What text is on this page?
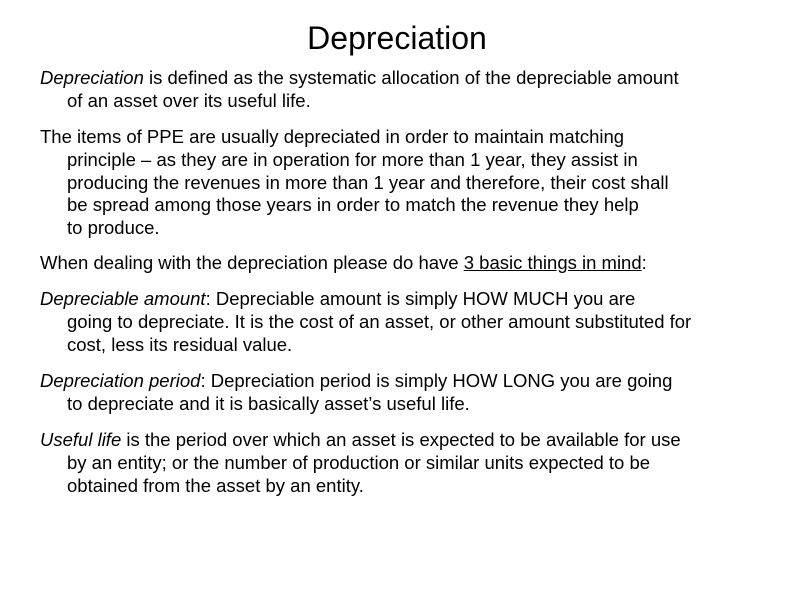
Depreciation
Depreciation is defined as the systematic allocation of the depreciable amount
of an asset over its useful life.
The items of PPE are usually depreciated in order to maintain matching
principle – as they are in operation for more than 1 year, they assist in
producing the revenues in more than 1 year and therefore, their cost shall
be spread among those years in order to match the revenue they help
to produce.
When dealing with the depreciation please do have 3 basic things in mind:
Depreciable amount: Depreciable amount is simply HOW MUCH you are
going to depreciate. It is the cost of an asset, or other amount substituted for
cost, less its residual value.
Depreciation period: Depreciation period is simply HOW LONG you are going
to depreciate and it is basically asset’s useful life.
Useful life is the period over which an asset is expected to be available for use
by an entity; or the number of production or similar units expected to be
obtained from the asset by an entity.
